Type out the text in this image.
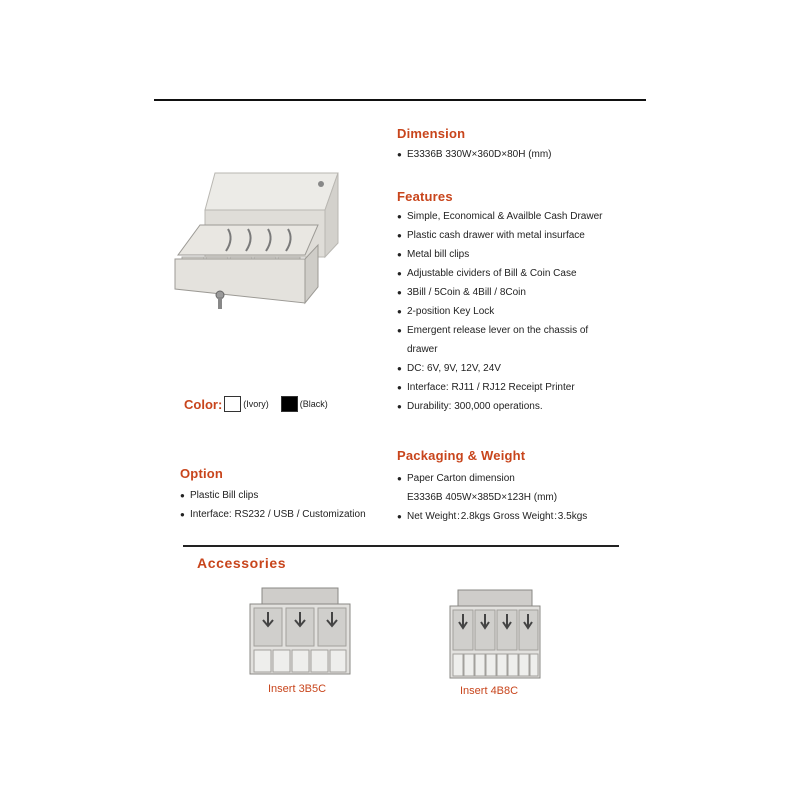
Color: (Ivory)	(Black)
Dimension
● E3336B 330W×360D×80H (mm)
Features
● Simple, Economical & Availble Cash Drawer
● Plastic cash drawer with metal insurface
● Metal bill clips
● Adjustable cividers of Bill & Coin Case
● 3Bill / 5Coin & 4Bill / 8Coin
● 2-position Key Lock
● Emergent release lever on the chassis of
drawer
● DC: 6V, 9V, 12V, 24V
● Interface: RJ11 / RJ12 Receipt Printer
● Durability: 300,000 operations.
Packaging & Weight
● Paper Carton dimension
E3336B 405W×385D×123H (mm)
● Net Weight : 2.8kgs Gross Weight : 3.5kgs
Option
● Plastic Bill clips
● Interface: RS232 / USB / Customization
Accessories
Insert 3B5C	Insert 4B8C
